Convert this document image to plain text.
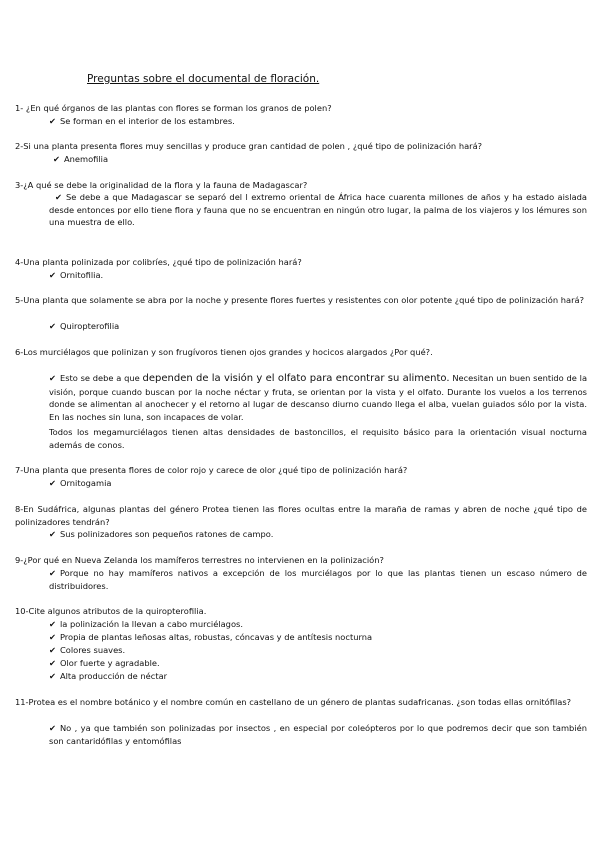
Preguntas sobre el documental de floración.
1- ¿En qué órganos de las plantas con flores se forman los granos de polen?
✔ Se forman en el interior de los estambres.
2-Si una planta presenta flores muy sencillas y produce gran cantidad de polen , ¿qué tipo de polinización hará?
✔ Anemofilia
3-¿A qué se debe la originalidad de la flora y la fauna de Madagascar?
✔ Se debe a que Madagascar se separó del l extremo oriental de África hace cuarenta millones de años y ha estado aislada desde entonces por ello tiene flora y fauna que no se encuentran en ningún otro lugar, la palma de los viajeros y los lémures son una muestra de ello.
4-Una planta polinizada por colibríes, ¿qué tipo de polinización hará?
✔ Ornitofilia.
5-Una planta que solamente se abra por la noche y presente flores fuertes y resistentes con olor potente ¿qué tipo de polinización hará?
✔ Quiropterofilia
6-Los murciélagos que polinizan y son frugívoros tienen ojos grandes y hocicos alargados ¿Por qué?.
✔ Esto se debe a que dependen de la visión y el olfato para encontrar su alimento. Necesitan un buen sentido de la visión, porque cuando buscan por la noche néctar y fruta, se orientan por la vista y el olfato. Durante los vuelos a los terrenos donde se alimentan al anochecer y el retorno al lugar de descanso diurno cuando llega el alba, vuelan guiados sólo por la vista. En las noches sin luna, son incapaces de volar.
Todos los megamurciélagos tienen altas densidades de bastoncillos, el requisito básico para la orientación visual nocturna además de conos.
7-Una planta que presenta flores de color rojo y carece de olor ¿qué tipo de polinización hará?
✔ Ornitogamia
8-En Sudáfrica, algunas plantas del género Protea tienen las flores ocultas entre la maraña de ramas y abren de noche ¿qué tipo de polinizadores tendrán?
✔ Sus polinizadores son pequeños ratones de campo.
9-¿Por qué en Nueva Zelanda los mamíferos terrestres no intervienen en la polinización?
✔ Porque no hay mamíferos nativos a excepción de los murciélagos por lo que las plantas tienen un escaso número de distribuidores.
10-Cite algunos atributos de la quiropterofilia.
✔ la polinización la llevan a cabo murciélagos.
✔ Propia de plantas leñosas altas, robustas, cóncavas y de antítesis nocturna
✔ Colores suaves.
✔ Olor fuerte y agradable.
✔ Alta producción de néctar
11-Protea es el nombre botánico y el nombre común en castellano de un género de plantas sudafricanas. ¿son todas ellas ornitófilas?
✔ No , ya que también son polinizadas por insectos , en especial por coleópteros por lo que podremos decir que son también son cantaridófilas y entomófilas
